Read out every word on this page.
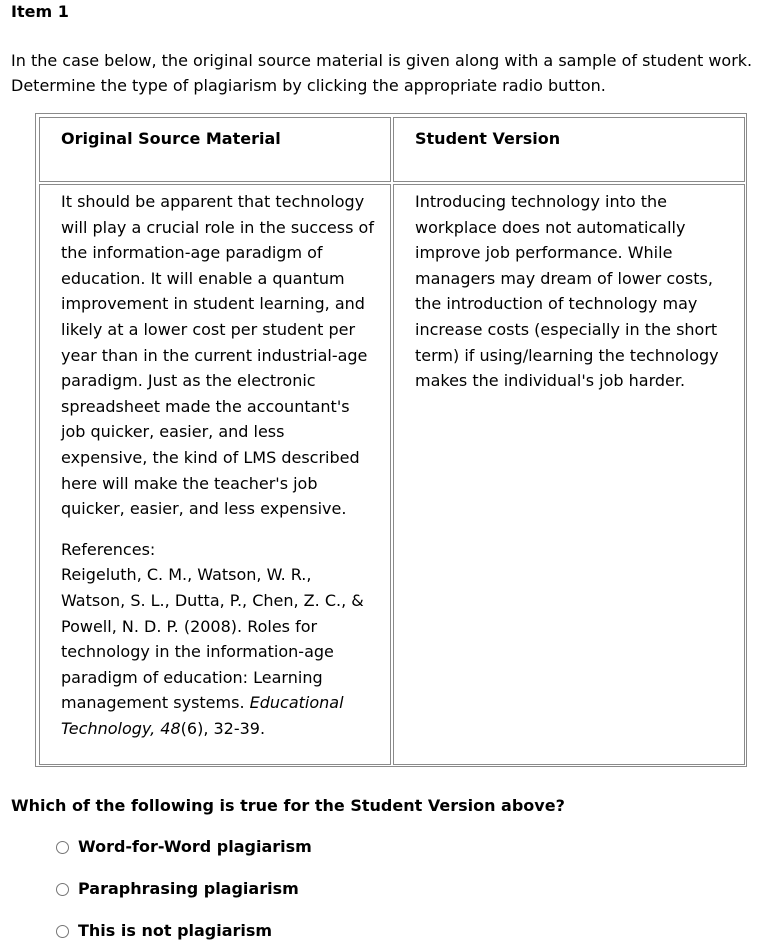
Item 1

In the case below, the original source material is given along with a sample of student work.

Determine the type of plagiarism by clicking the appropriate radio button.

Original Source Material	Student Version

It should be apparent that technology will play a crucial role in the success of the information-age paradigm of education. It will enable a quantum improvement in student learning, and likely at a lower cost per student per year than in the current industrial-age paradigm. Just as the electronic spreadsheet made the accountant's job quicker, easier, and less expensive, the kind of LMS described here will make the teacher's job quicker, easier, and less expensive.

References:

Reigeluth, C. M., Watson, W. R., Watson, S. L., Dutta, P., Chen, Z. C., & Powell, N. D. P. (2008). Roles for technology in the information-age paradigm of education: Learning management systems. Educational Technology, 48(6), 32-39.

Introducing technology into the workplace does not automatically improve job performance. While managers may dream of lower costs, the introduction of technology may increase costs (especially in the short term) if using/learning the technology makes the individual's job harder.

Which of the following is true for the Student Version above?

Word-for-Word plagiarism
Paraphrasing plagiarism
This is not plagiarism
